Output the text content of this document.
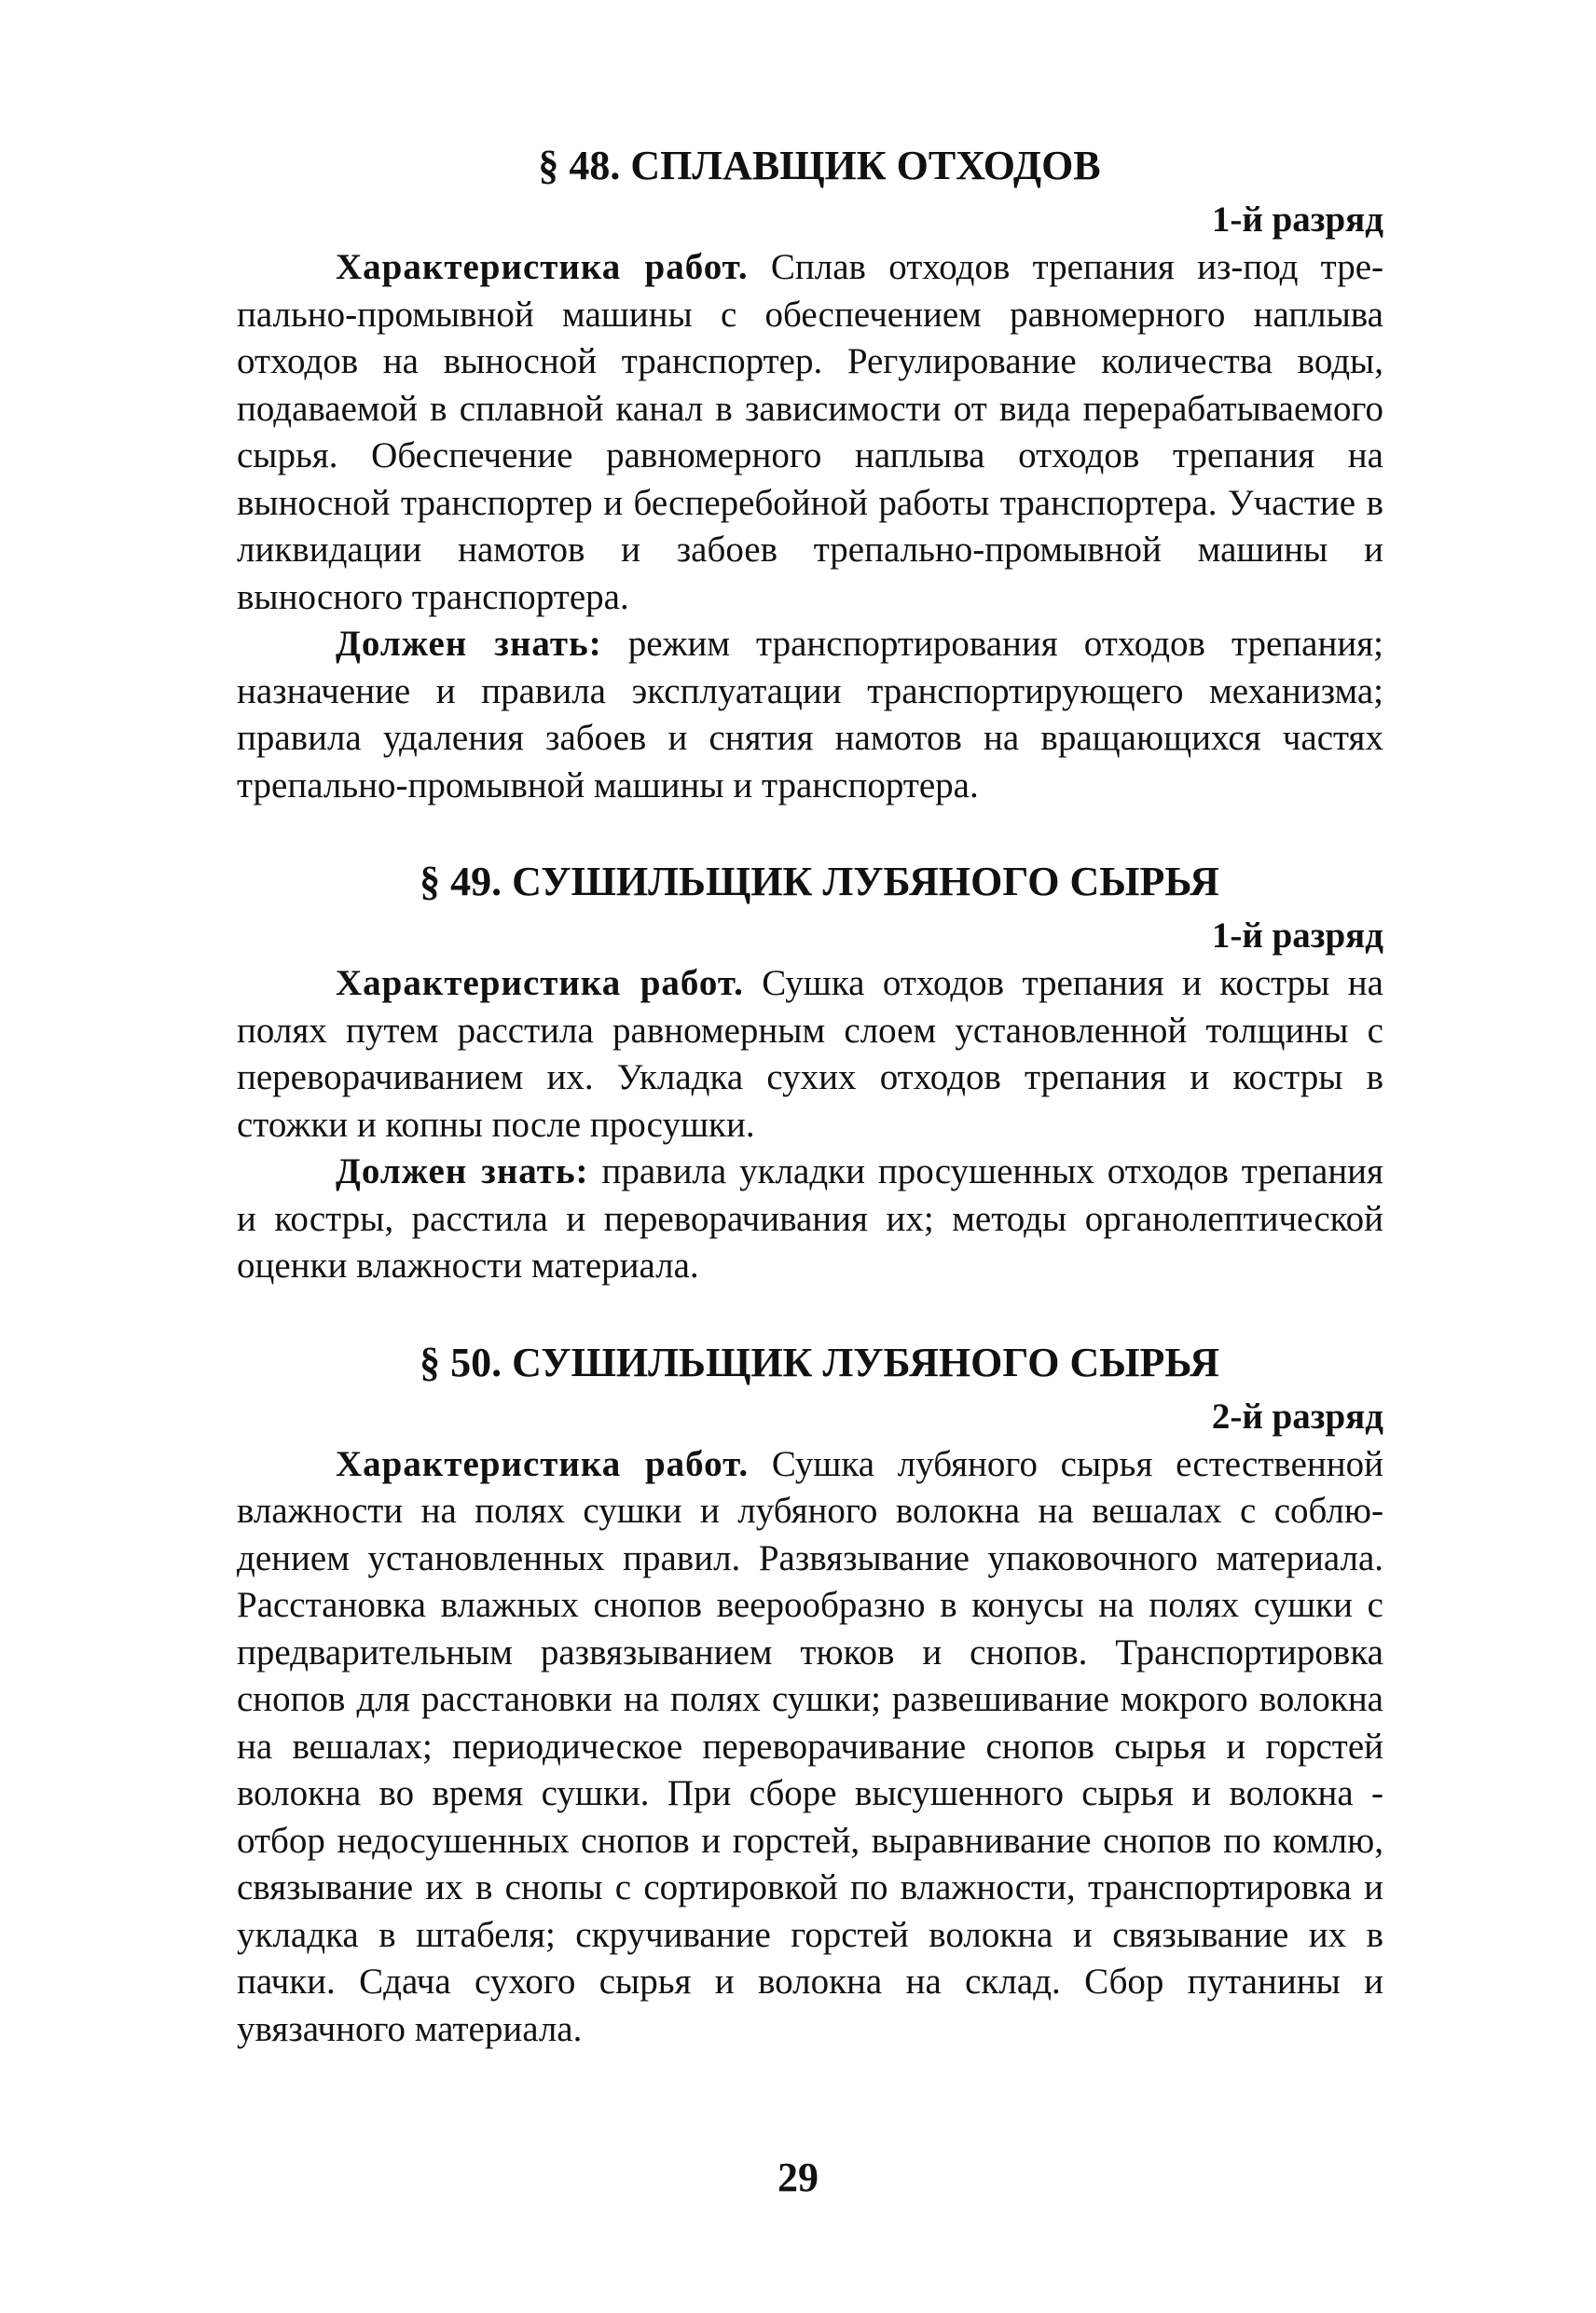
§ 48. СПЛАВЩИК ОТХОДОВ
1-й разряд

Характеристика работ. Сплав отходов трепания из-под трепально-промывной машины с обеспечением равномерного наплыва отходов на выносной транспортер. Регулирование количества воды, подаваемой в сплавной канал в зависимости от вида перерабатываемого сырья. Обеспечение равномерного наплыва отходов трепания на выносной транспортер и бесперебойной работы транспортера. Участие в ликвидации намотов и забоев трепально-промывной машины и выносного транспортера.

Должен знать: режим транспортирования отходов трепания; назначение и правила эксплуатации транспортирующего механизма; правила удаления забоев и снятия намотов на вращающихся частях трепально-промывной машины и транспортера.

§ 49. СУШИЛЬЩИК ЛУБЯНОГО СЫРЬЯ
1-й разряд

Характеристика работ. Сушка отходов трепания и костры на полях путем расстила равномерным слоем установленной толщины с переворачиванием их. Укладка сухих отходов трепания и костры в стожки и копны после просушки.

Должен знать: правила укладки просушенных отходов трепания и костры, расстила и переворачивания их; методы органолептической оценки влажности материала.

§ 50. СУШИЛЬЩИК ЛУБЯНОГО СЫРЬЯ
2-й разряд

Характеристика работ. Сушка лубяного сырья естественной влажности на полях сушки и лубяного волокна на вешалах с соблюдением установленных правил. Развязывание упаковочного материала. Расстановка влажных снопов веерообразно в конусы на полях сушки с предварительным развязыванием тюков и снопов. Транспортировка снопов для расстановки на полях сушки; развешивание мокрого волокна на вешалах; периодическое переворачивание снопов сырья и горстей волокна во время сушки. При сборе высушенного сырья и волокна - отбор недосушенных снопов и горстей, выравнивание снопов по комлю, связывание их в снопы с сортировкой по влажности, транспортировка и укладка в штабеля; скручивание горстей волокна и связывание их в пачки. Сдача сухого сырья и волокна на склад. Сбор путанины и увязачного материала.

29
